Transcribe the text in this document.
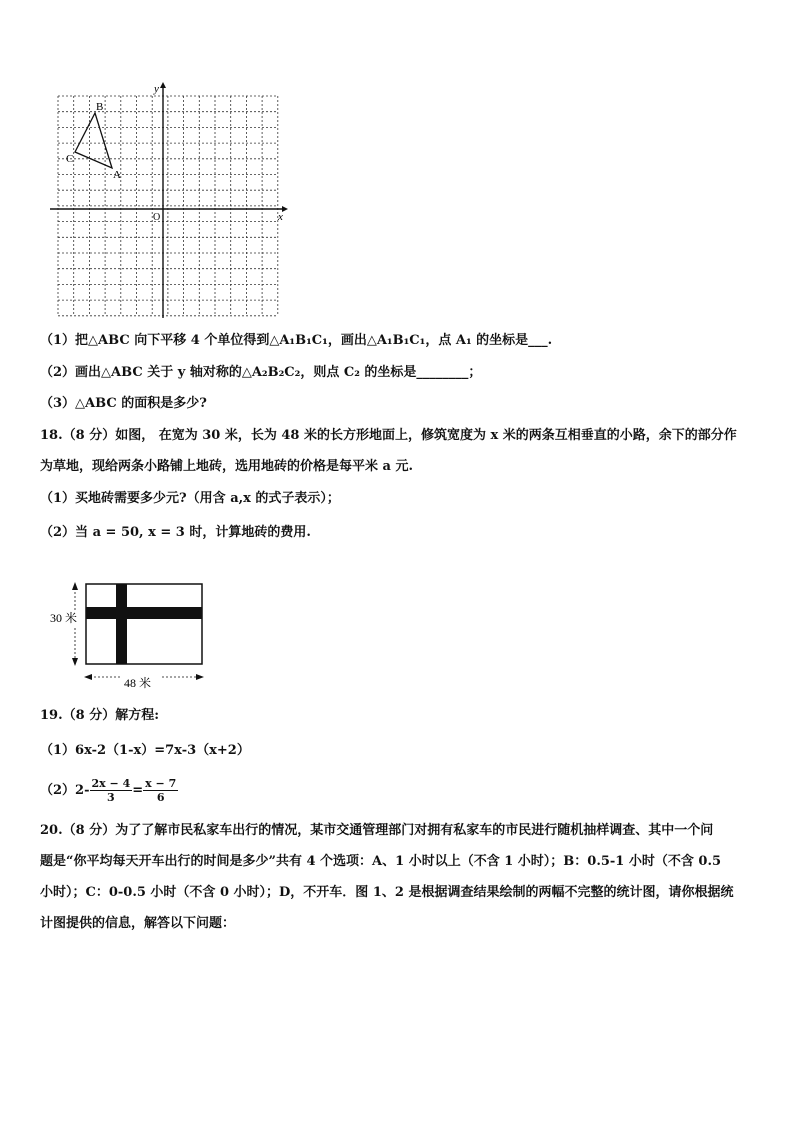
x
y
O
B
C
A
（1）把△ABC 向下平移 4 个单位得到△A₁B₁C₁，画出△A₁B₁C₁，点 A₁ 的坐标是___.
（2）画出△ABC 关于 y 轴对称的△A₂B₂C₂，则点 C₂ 的坐标是________；
（3）△ABC 的面积是多少?
18.（8 分）如图， 在宽为 30 米，长为 48 米的长方形地面上，修筑宽度为 x 米的两条互相垂直的小路，余下的部分作
为草地，现给两条小路铺上地砖，选用地砖的价格是每平米 a 元.
（1）买地砖需要多少元?（用含 a,x 的式子表示）；
（2）当 a = 50, x = 3 时，计算地砖的费用.
30 米
48 米
19.（8 分）解方程:
（1）6x-2（1-x）=7x-3（x+2）
$(2)2- \frac{2x - 4}{3} = \frac{x - 7}{6}$
20.（8 分）为了了解市民私家车出行的情况，某市交通管理部门对拥有私家车的市民进行随机抽样调查、其中一个问
题是“你平均每天开车出行的时间是多少”共有 4 个选项：A、1 小时以上（不含 1 小时）；B：0.5-1 小时（不含 0.5
小时）；C：0-0.5 小时（不含 0 小时）；D，不开车．图 1、2 是根据调查结果绘制的两幅不完整的统计图，请你根据统
计图提供的信息，解答以下问题：
